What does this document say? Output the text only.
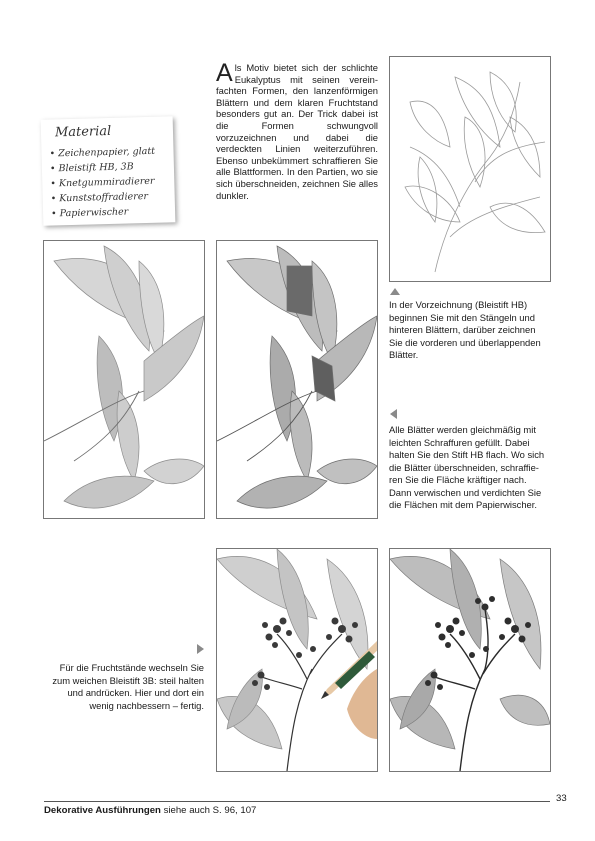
Material
• Zeichenpapier, glatt
• Bleistift HB, 3B
• Knetgummiradierer
• Kunststoffradierer
• Papierwischer
Als Motiv bietet sich der schlichte Eukalyptus mit seinen vereinfachten Formen, den lanzenförmigen Blättern und dem klaren Fruchtstand besonders gut an. Der Trick dabei ist die Formen schwungvoll vorzuzeichnen und dabei die verdeckten Linien weiterzuführen. Ebenso unbekümmert schraffieren Sie alle Blattformen. In den Partien, wo sie sich überschneiden, zeichnen Sie alles dunkler.
In der Vorzeichnung (Bleistift HB) beginnen Sie mit den Stängeln und hinteren Blättern, darüber zeichnen Sie die vorderen und überlappenden Blätter.
Alle Blätter werden gleichmäßig mit leichten Schraffuren gefüllt. Dabei halten Sie den Stift HB flach. Wo sich die Blätter überschneiden, schraffieren Sie die Fläche kräftiger nach. Dann verwischen und verdichten Sie die Flächen mit dem Papierwischer.
Für die Fruchtstände wechseln Sie zum weichen Bleistift 3B: steil halten und andrücken. Hier und dort ein wenig nachbessern – fertig.
33
Dekorative Ausführungen siehe auch S. 96, 107
